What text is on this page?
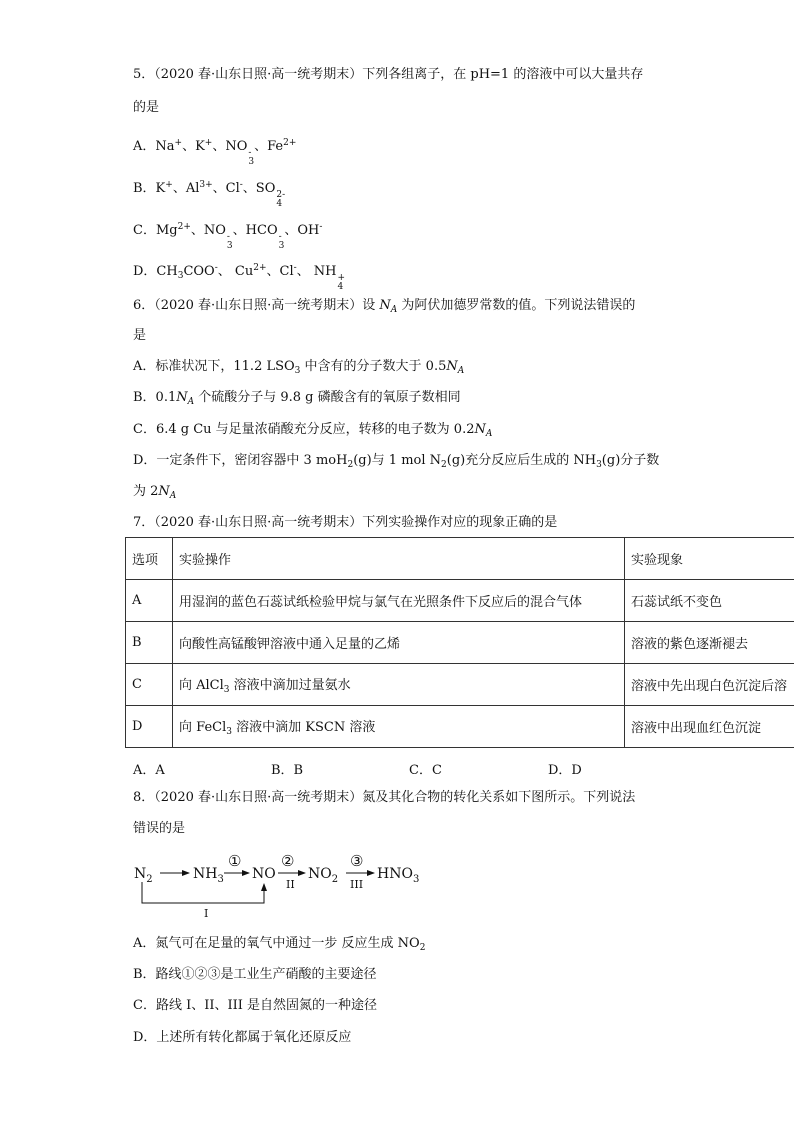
5．（2020 春·山东日照·高一统考期末）下列各组离子，在 pH=1 的溶液中可以大量共存
的是
A．Na+、K+、NO -
3
、$Fe^{2+}$
B．K+、$Al^{3+}$、Cl-、SO 2-
4
C．$Mg^{2+}$、NO -
3
、HCO -
3
、OH-
D．$CH_3COO^-$、 $Cu^{2+}$、Cl-、 NH +
4
6．（2020 春·山东日照·高一统考期末）设 $N_A$ 为阿伏加德罗常数的值。下列说法错误的
是
A．标准状况下，11.2 $LSO_3$ 中含有的分子数大于 $0.5N_A$
B．$0.1N_A$ 个硫酸分子与 9.8 g 磷酸含有的氧原子数相同
C．6.4 g Cu 与足量浓硝酸充分反应，转移的电子数为 $0.2N_A$
D．一定条件下，密闭容器中 3 moH$_2$(g)与 1 mol $N_2(g)$充分反应后生成的 $NH_3(g)$分子数
为 $2N_A$
7．（2020 春·山东日照·高一统考期末）下列实验操作对应的现象正确的是
选项	实验操作	实验现象
A	用湿润的蓝色石蕊试纸检验甲烷与氯气在光照条件下反应后的混合气体	石蕊试纸不变色
B	向酸性高锰酸钾溶液中通入足量的乙烯	溶液的紫色逐渐褪去
C	向 AlCl$_3$ 溶液中滴加过量氨水	溶液中先出现白色沉淀后溶
D	向 FeCl$_3$ 溶液中滴加 KSCN 溶液	溶液中出现血红色沉淀
A．A	B．B	C．C	D．D
8．（2020 春·山东日照·高一统考期末）氮及其化合物的转化关系如下图所示。下列说法
错误的是
$N_2$	$NH_3$ NO $NO_2$	$HNO_3$
①	②	③
II	III
I
A．氮气可在足量的氧气中通过一步 反应生成 $NO_2$
B．路线①②③是工业生产硝酸的主要途径
C．路线 I、II、III 是自然固氮的一种途径
D．上述所有转化都属于氧化还原反应
